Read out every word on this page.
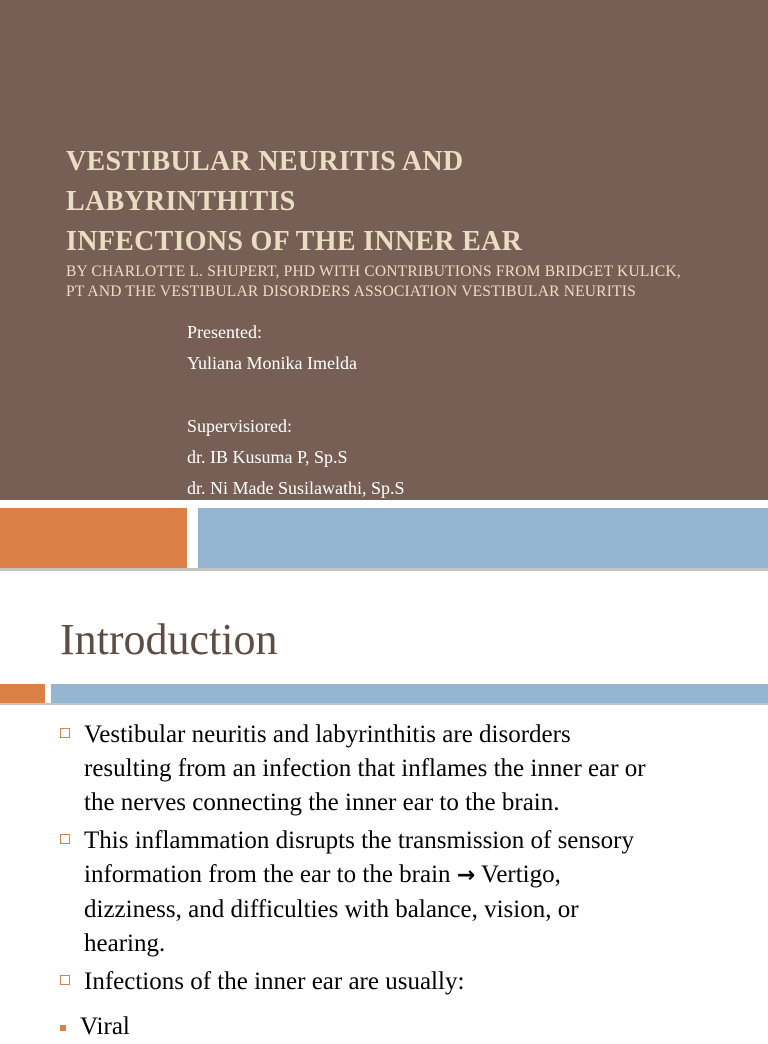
VESTIBULAR NEURITIS AND
LABYRINTHITIS
INFECTIONS OF THE INNER EAR
BY CHARLOTTE L. SHUPERT, PHD WITH CONTRIBUTIONS FROM BRIDGET KULICK,
PT AND THE VESTIBULAR DISORDERS ASSOCIATION VESTIBULAR NEURITIS
Presented:
Yuliana Monika Imelda
Supervisiored:
dr. IB Kusuma P, Sp.S
dr. Ni Made Susilawathi, Sp.S
Introduction
Vestibular neuritis and labyrinthitis are disorders
resulting from an infection that inflames the inner ear or
the nerves connecting the inner ear to the brain.
This inflammation disrupts the transmission of sensory
information from the ear to the brain → Vertigo,
dizziness, and difficulties with balance, vision, or
hearing.
Infections of the inner ear are usually:
Viral
